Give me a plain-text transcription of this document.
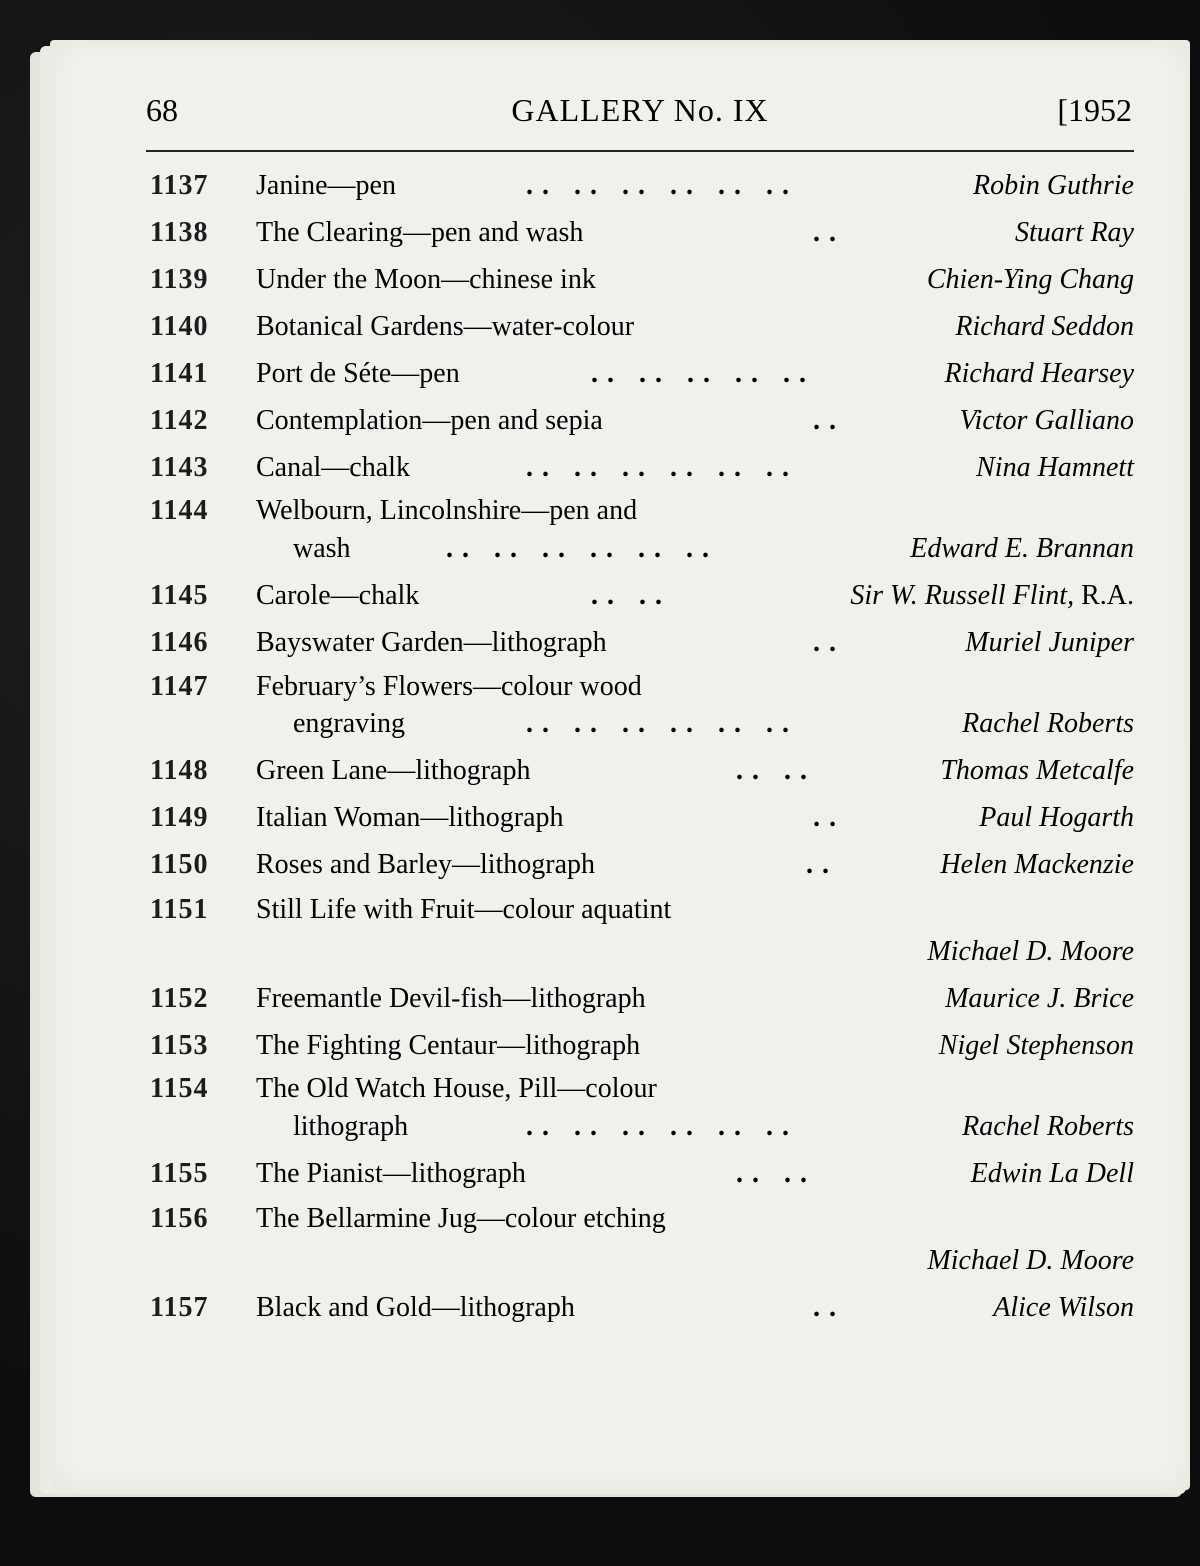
68	GALLERY No. IX	[1952
1137 Janine—pen	.. .. .. .. .. ..	Robin Guthrie
1138 The Clearing—pen and wash	..	Stuart Ray
1139 Under the Moon—chinese ink	Chien-Ying Chang
1140 Botanical Gardens—water-colour	Richard Seddon
1141 Port de Séte—pen	.. .. .. .. ..	Richard Hearsey
1142 Contemplation—pen and sepia	..	Victor Galliano
1143 Canal—chalk	.. .. .. .. .. ..	Nina Hamnett
1144 Welbourn, Lincolnshire—pen and
wash	.. .. .. .. .. ..	Edward E. Brannan
1145 Carole—chalk	.. ..	Sir W. Russell Flint, R.A.
1146 Bayswater Garden—lithograph	..	Muriel Juniper
1147 February’s Flowers—colour wood
engraving	.. .. .. .. .. ..	Rachel Roberts
1148 Green Lane—lithograph	.. ..	Thomas Metcalfe
1149 Italian Woman—lithograph	..	Paul Hogarth
1150 Roses and Barley—lithograph	..	Helen Mackenzie
1151 Still Life with Fruit—colour aquatint
Michael D. Moore
1152 Freemantle Devil-fish—lithograph	Maurice J. Brice
1153 The Fighting Centaur—lithograph	Nigel Stephenson
1154 The Old Watch House, Pill—colour
lithograph	.. .. .. .. .. ..	Rachel Roberts
1155 The Pianist—lithograph	.. ..	Edwin La Dell
1156 The Bellarmine Jug—colour etching
Michael D. Moore
1157 Black and Gold—lithograph	..	Alice Wilson
